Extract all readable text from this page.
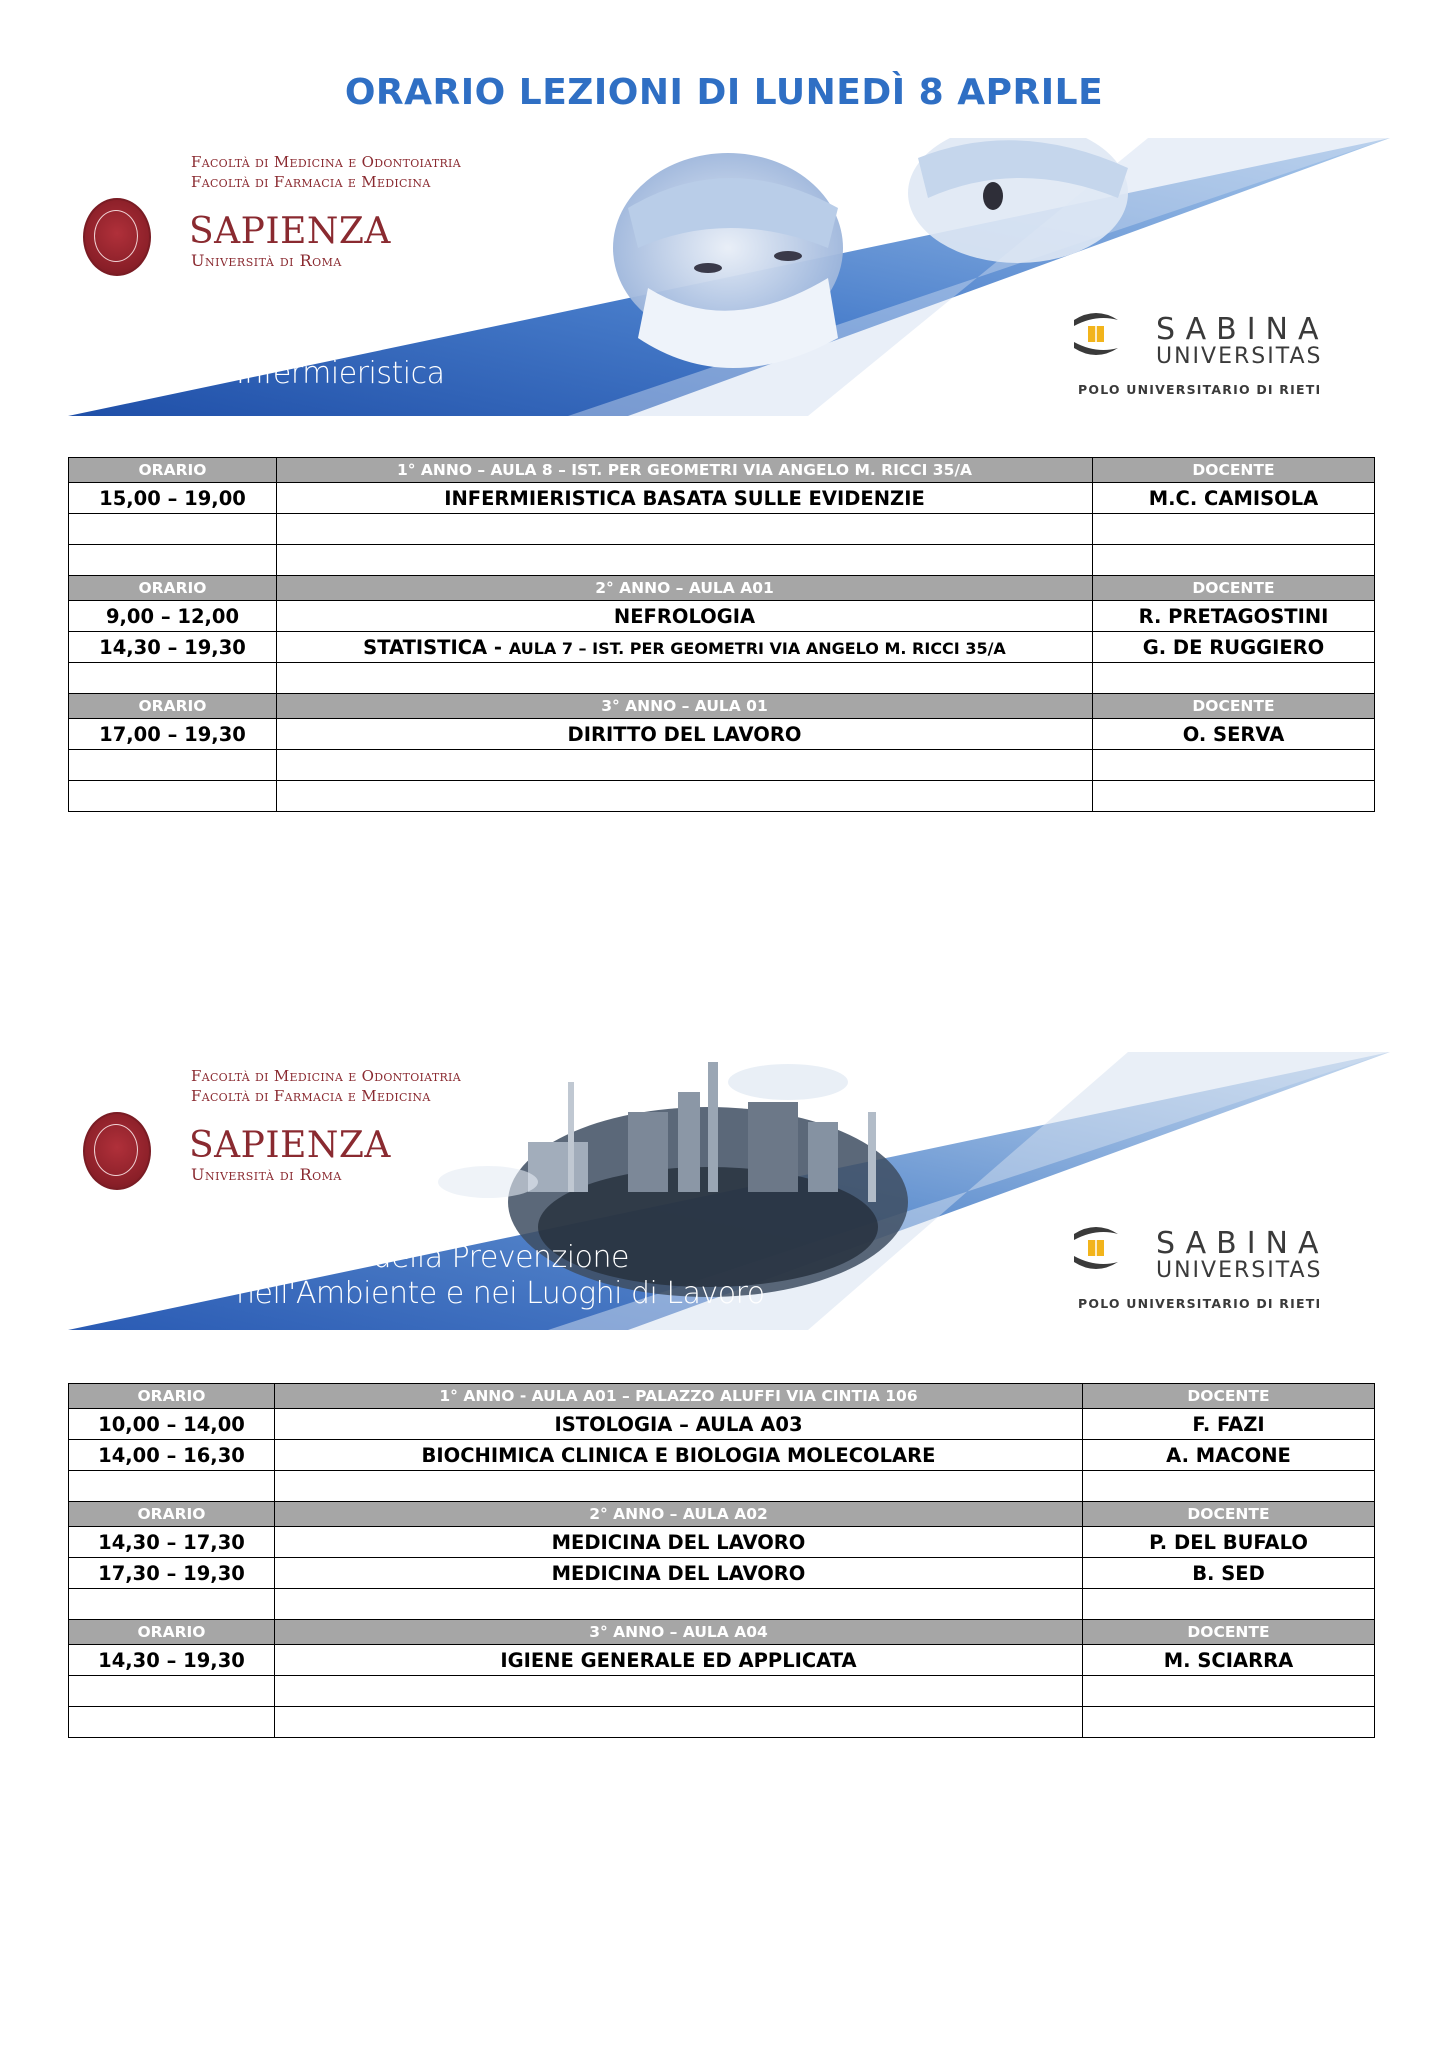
ORARIO LEZIONI DI LUNEDÌ 8 APRILE
Facoltà di Medicina e Odontoiatria
Facoltà di Farmacia e Medicina
SAPIENZA
Università di Roma
Infermieristica
SABINA
UNIVERSITAS
POLO UNIVERSITARIO DI RIETI
ORARIO	1° ANNO – AULA 8 – IST. PER GEOMETRI VIA ANGELO M. RICCI 35/A	DOCENTE
15,00 – 19,00	INFERMIERISTICA BASATA SULLE EVIDENZIE	M.C. CAMISOLA

ORARIO	2° ANNO – AULA A01	DOCENTE
9,00 – 12,00	NEFROLOGIA	R. PRETAGOSTINI
14,30 – 19,30	STATISTICA - AULA 7 – IST. PER GEOMETRI VIA ANGELO M. RICCI 35/A	G. DE RUGGIERO

ORARIO	3° ANNO – AULA 01	DOCENTE
17,00 – 19,30	DIRITTO DEL LAVORO	O. SERVA

Facoltà di Medicina e Odontoiatria
Facoltà di Farmacia e Medicina
SAPIENZA
Università di Roma
Tecniche della Prevenzione
nell'Ambiente e nei Luoghi di Lavoro
SABINA
UNIVERSITAS
POLO UNIVERSITARIO DI RIETI
ORARIO	1° ANNO - AULA A01 – PALAZZO ALUFFI VIA CINTIA 106	DOCENTE
10,00 – 14,00	ISTOLOGIA – AULA A03	F. FAZI
14,00 – 16,30	BIOCHIMICA CLINICA E BIOLOGIA MOLECOLARE	A. MACONE

ORARIO	2° ANNO – AULA A02	DOCENTE
14,30 – 17,30	MEDICINA DEL LAVORO	P. DEL BUFALO
17,30 – 19,30	MEDICINA DEL LAVORO	B. SED

ORARIO	3° ANNO – AULA A04	DOCENTE
14,30 – 19,30	IGIENE GENERALE ED APPLICATA	M. SCIARRA
